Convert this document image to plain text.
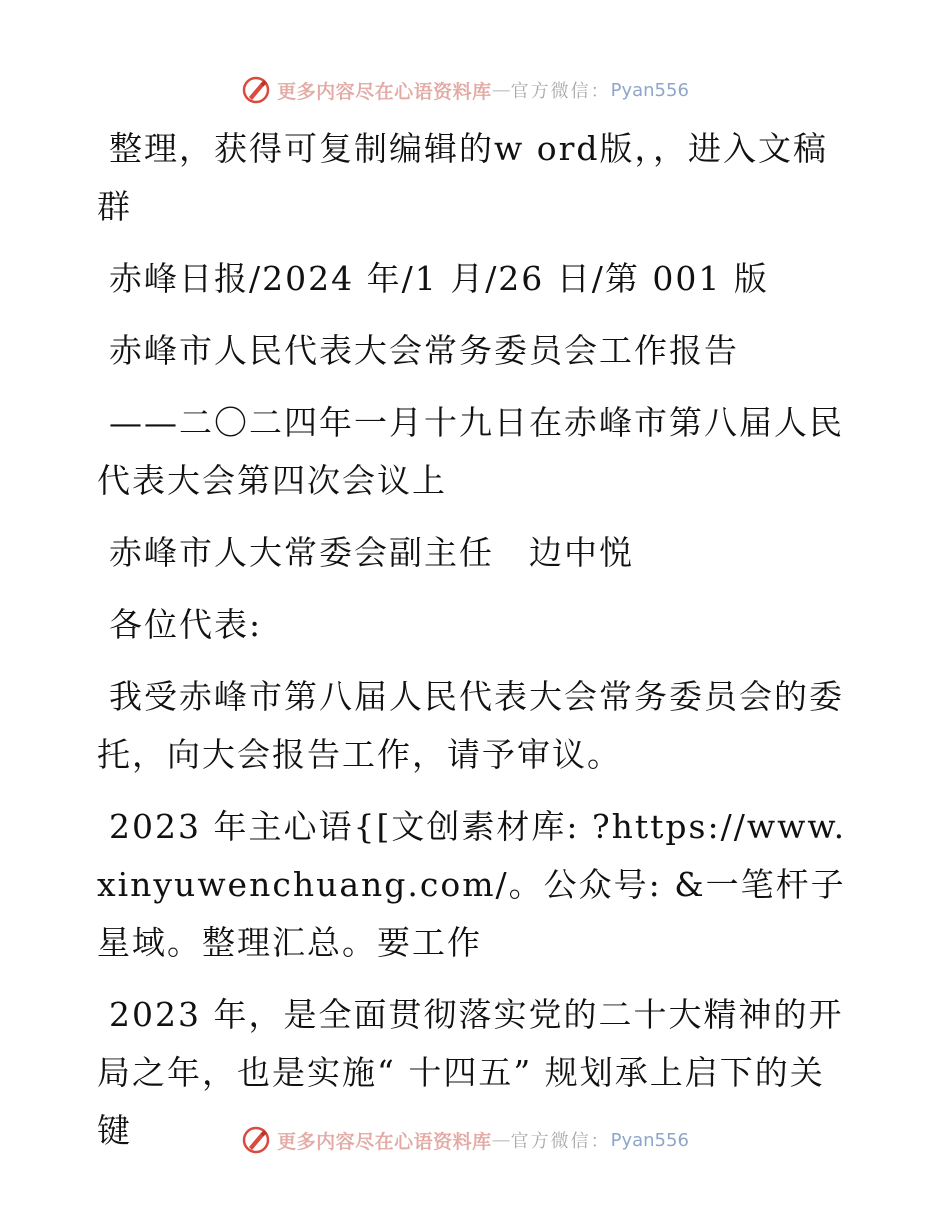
更多内容尽在心语资料库 — 官方微信： Pyan556

整理，获得可复制编辑的w ord版，，进入文稿群

赤峰日报/2024 年/1 月/26 日/第 001 版

赤峰市人民代表大会常务委员会工作报告

——二〇二四年一月十九日在赤峰市第八届人民代表大会第四次会议上

赤峰市人大常委会副主任　边中悦

各位代表:

我受赤峰市第八届人民代表大会常务委员会的委托，向大会报告工作，请予审议。

2023 年主心语{[文创素材库: ?https://www.xinyuwenchuang.com/。公众号: &一笔杆子星域。整理汇总。要工作

2023 年，是全面贯彻落实党的二十大精神的开局之年，也是实施“ 十四五” 规划承上启下的关键	更多内容尽在心语资料库 — 官方微信： Pyan556
